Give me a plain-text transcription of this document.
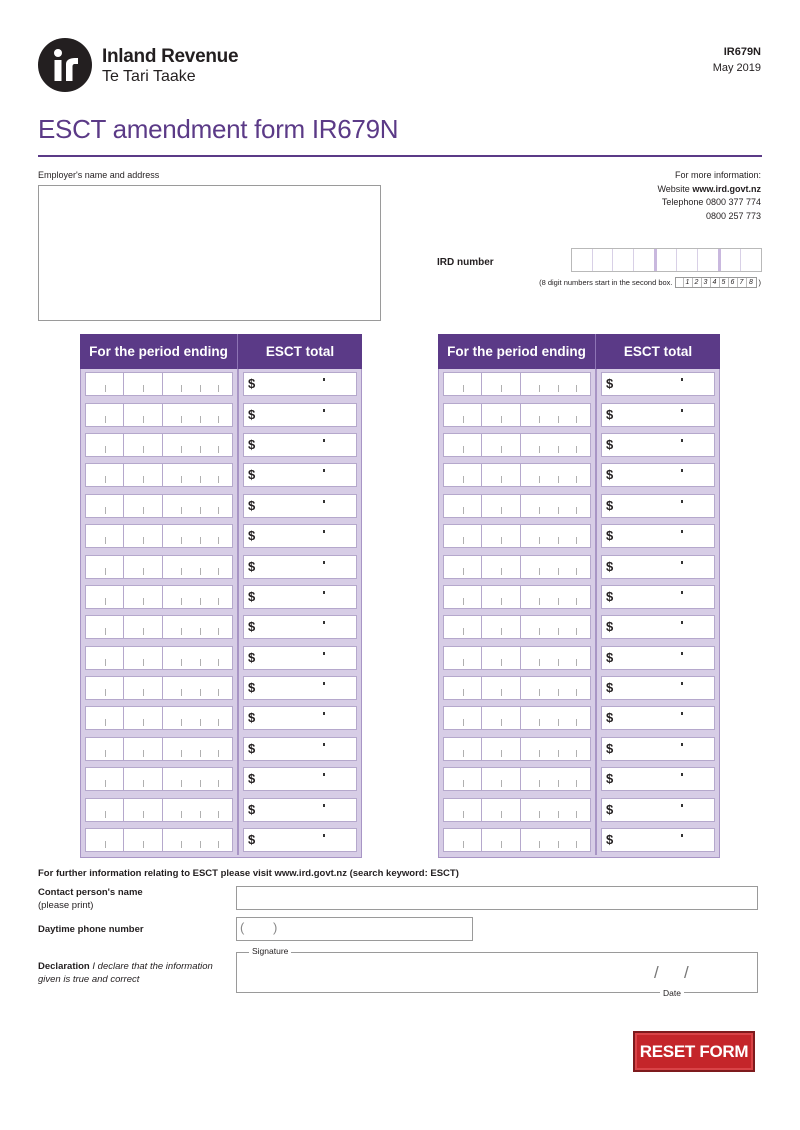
Inland Revenue
Te Tari Taake
IR679N
May 2019
ESCT amendment form IR679N
Employer's name and address	For more information:
Website www.ird.govt.nz
Telephone 0800 377 774
0800 257 773
IRD number
(8 digit numbers start in the second box. 1 2 3 4 5 6 7 8 )
For the period ending	ESCT total
$
$
$
$
$
$
$
$
$
$
$
$
$
$
$
$
For the period ending	ESCT total
$
$
$
$
$
$
$
$
$
$
$
$
$
$
$
$
For further information relating to ESCT please visit www.ird.govt.nz (search keyword: ESCT)
Contact person's name
(please print)
Daytime phone number	( )
Declaration I declare that the information given is true and correct
Signature
/ /
Date
RESET FORM
